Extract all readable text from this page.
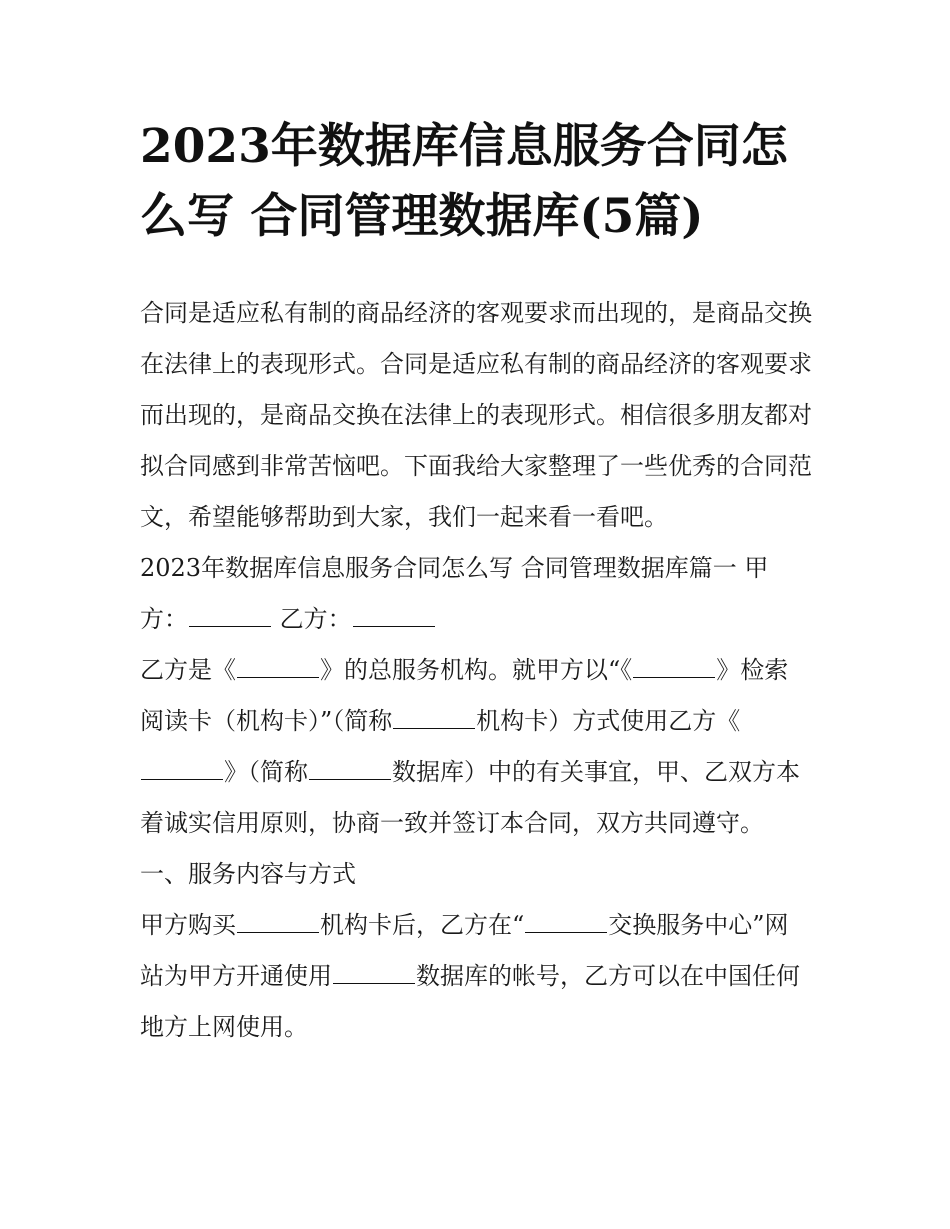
2023年数据库信息服务合同怎么写 合同管理数据库(5篇)

合同是适应私有制的商品经济的客观要求而出现的，是商品交换在法律上的表现形式。合同是适应私有制的商品经济的客观要求而出现的，是商品交换在法律上的表现形式。相信很多朋友都对拟合同感到非常苦恼吧。下面我给大家整理了一些优秀的合同范文，希望能够帮助到大家，我们一起来看一看吧。

2023年数据库信息服务合同怎么写 合同管理数据库篇一 甲方：	乙方：

乙方是《	》的总服务机构。就甲方以“《	》检索阅读卡（机构卡）”（简称	机构卡）方式使用乙方《》（简称	数据库）中的有关事宜，甲、乙双方本着诚实信用原则，协商一致并签订本合同，双方共同遵守。

一、服务内容与方式

甲方购买	机构卡后，乙方在“	交换服务中心”网站为甲方开通使用	数据库的帐号，乙方可以在中国任何地方上网使用。
